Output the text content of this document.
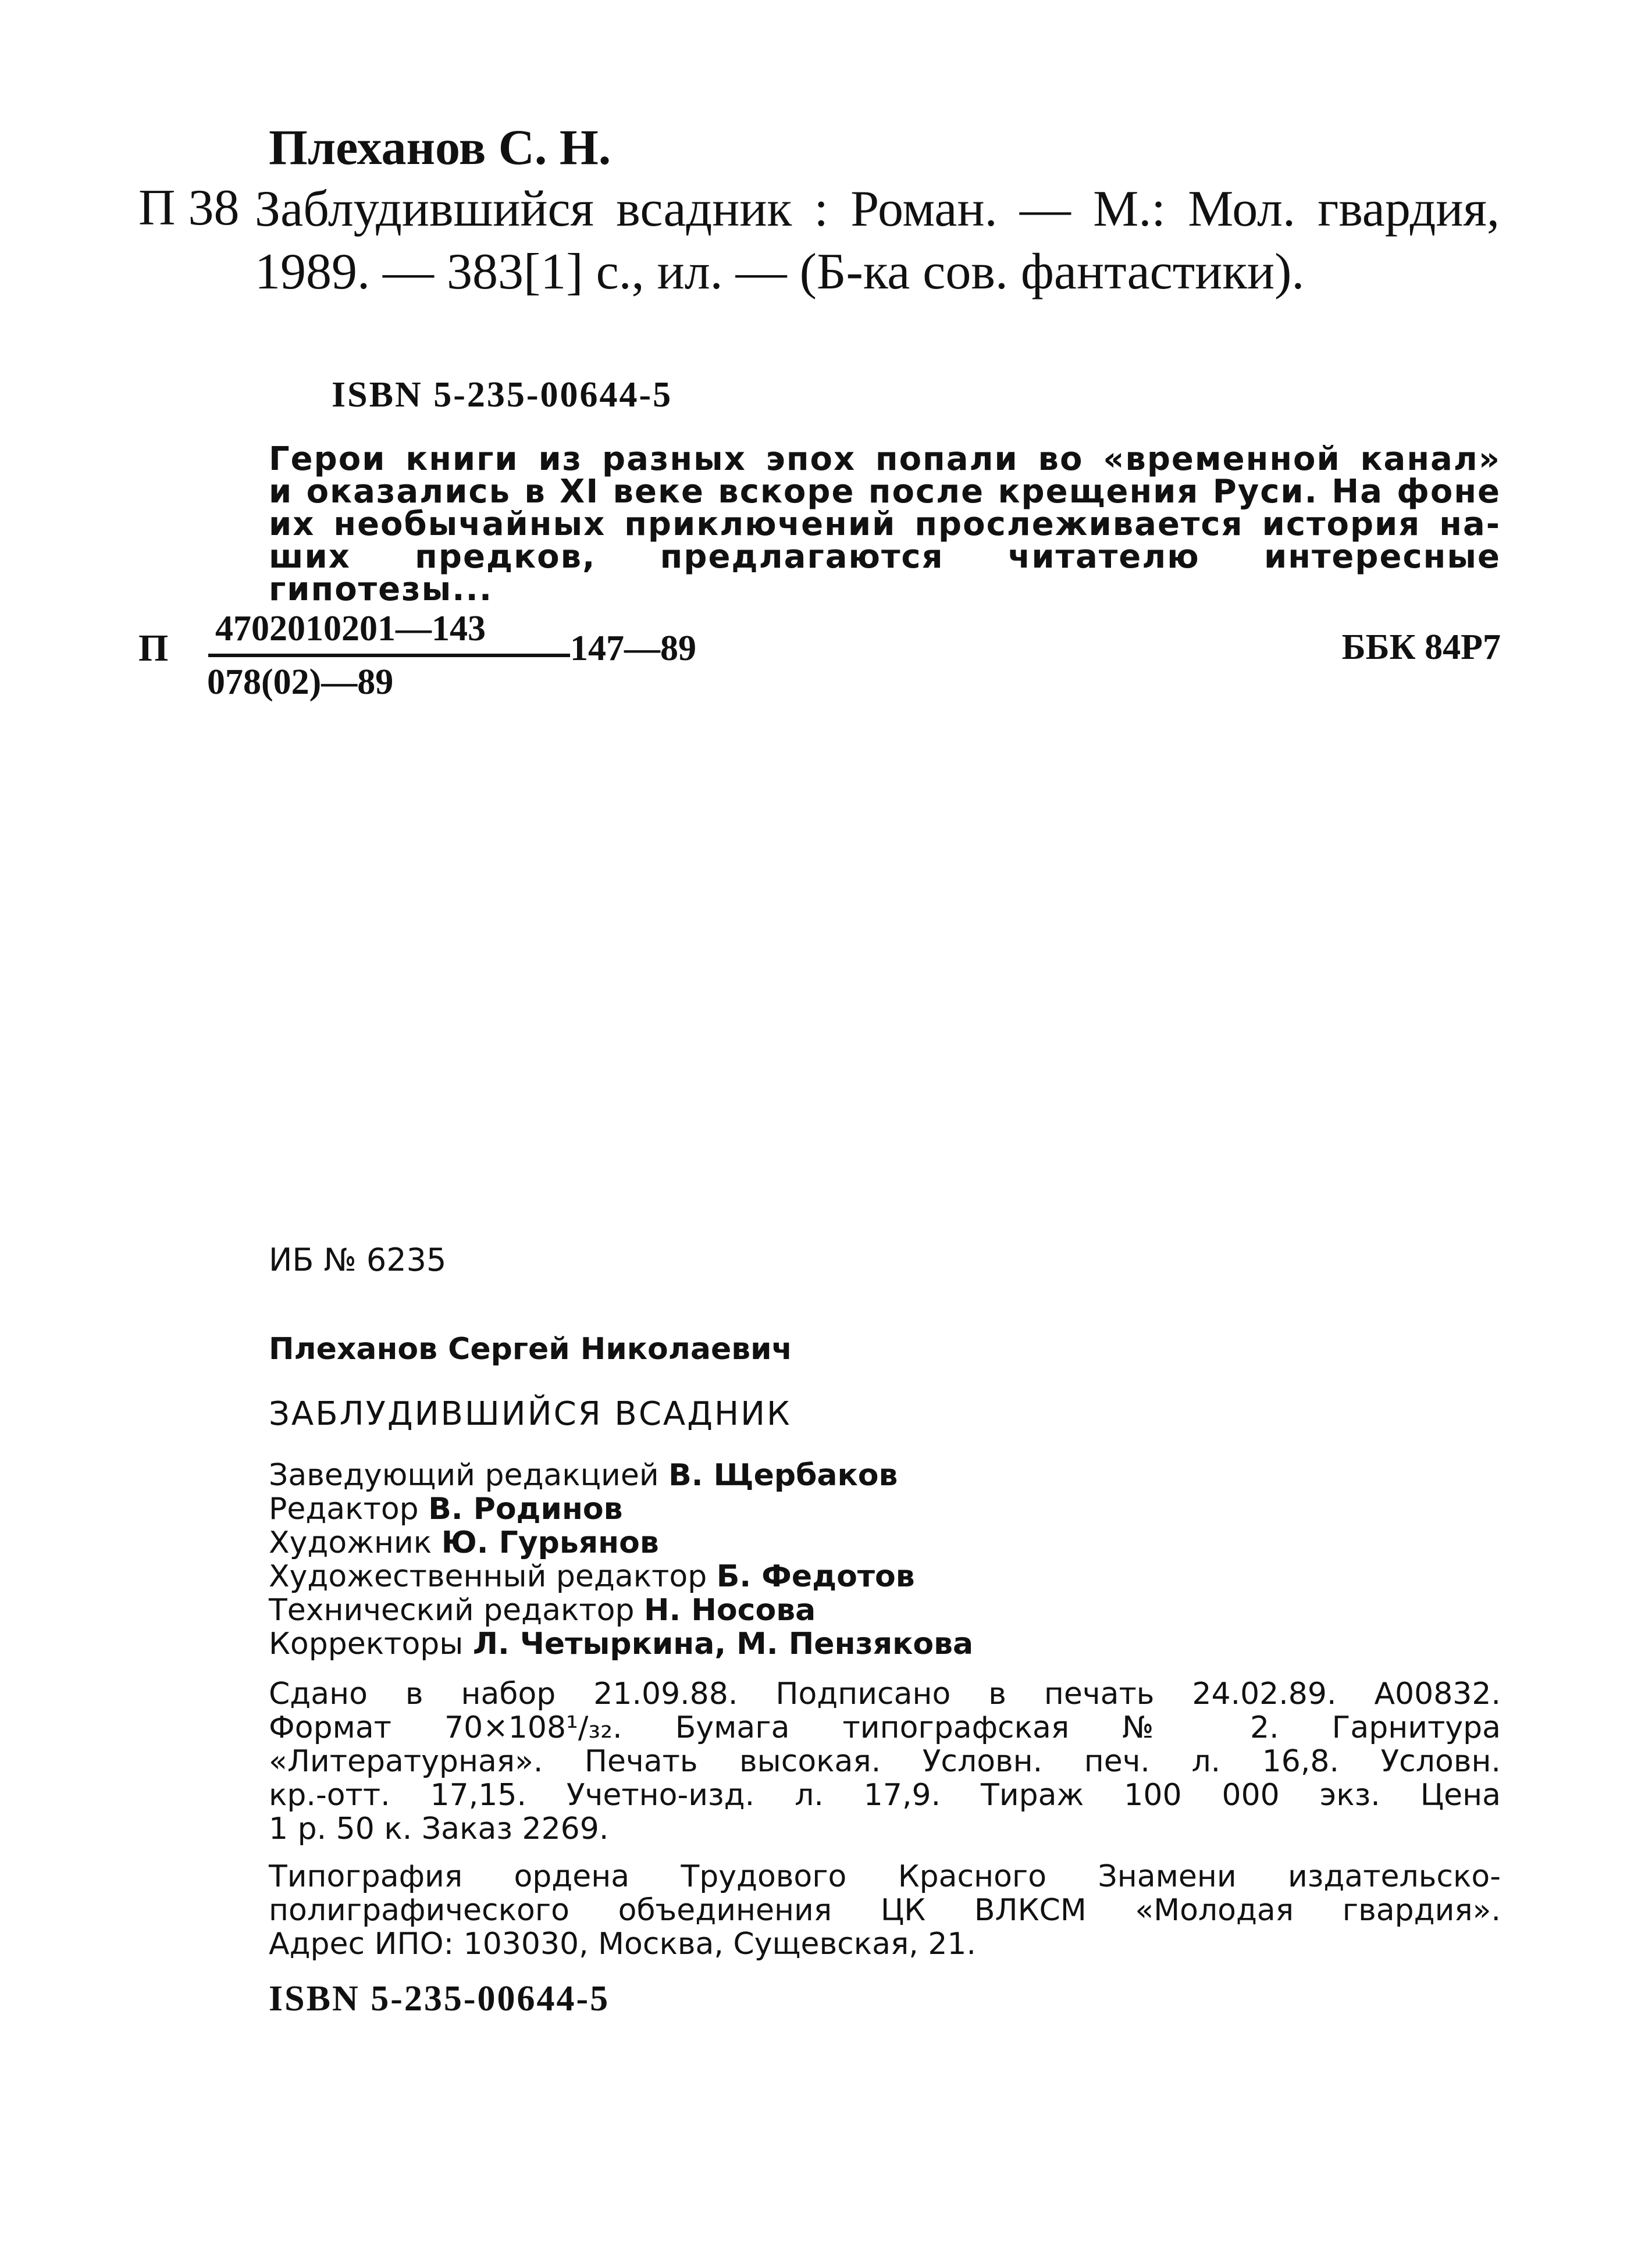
Плеханов С. Н.
П 38 Заблудившийся всадник : Роман. — М.: Мол. гвардия, 1989. — 383[1] с., ил. — (Б-ка сов. фантастики).
ISBN 5-235-00644-5
Герои книги из разных эпох попали во «временной канал»
и оказались в XI веке вскоре после крещения Руси. На фоне
их необычайных приключений прослеживается история на-
ших предков, предлагаются читателю интересные гипотезы...
П 4702010201—143
078(02)—89
147—89	ББК 84Р7
ИБ № 6235
Плеханов Сергей Николаевич
ЗАБЛУДИВШИЙСЯ ВСАДНИК
Заведующий редакцией В. Щербаков
Редактор В. Родинов
Художник Ю. Гурьянов
Художественный редактор Б. Федотов
Технический редактор Н. Носова
Корректоры Л. Четыркина, М. Пензякова
Сдано в набор 21.09.88. Подписано в печать 24.02.89. А00832.
Формат 70×108¹/₃₂. Бумага типографская № 2. Гарнитура
«Литературная». Печать высокая. Условн. печ. л. 16,8. Условн.
кр.-отт. 17,15. Учетно-изд. л. 17,9. Тираж 100 000 экз. Цена
1 р. 50 к. Заказ 2269.
Типография ордена Трудового Красного Знамени издательско-
полиграфического объединения ЦК ВЛКСМ «Молодая гвардия».
Адрес ИПО: 103030, Москва, Сущевская, 21.
ISBN 5-235-00644-5
